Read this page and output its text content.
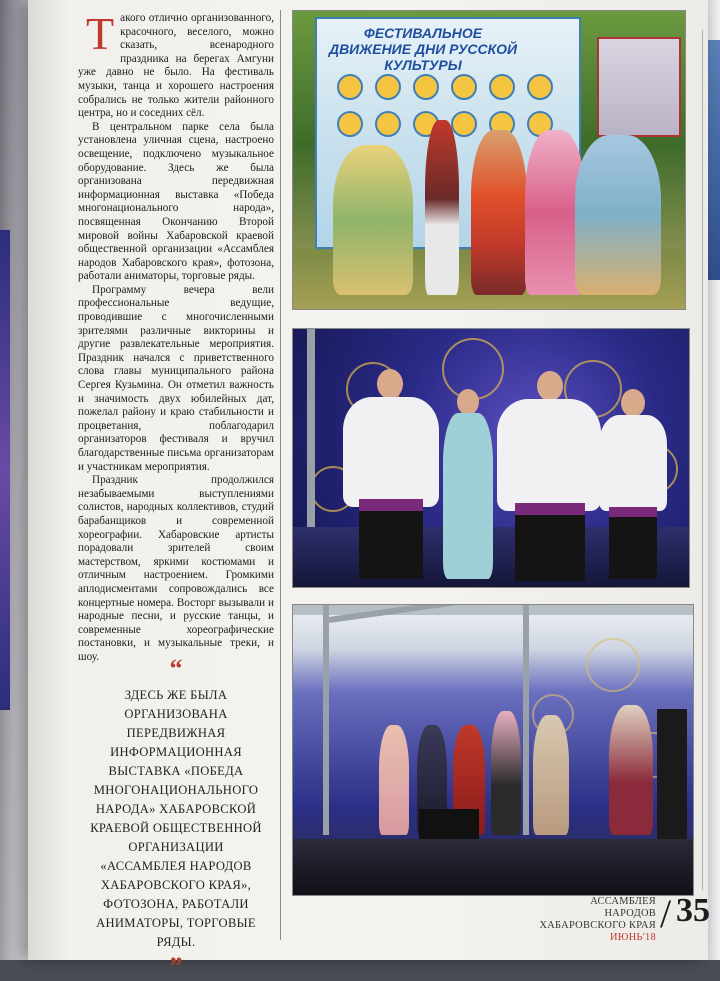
Такого отлично организованного, красочного, веселого, можно сказать, всенародного праздника на берегах Амгуни уже давно не было. На фестиваль музыки, танца и хорошего настроения собрались не только жители районного центра, но и соседних сёл.

В центральном парке села была установлена уличная сцена, настроено освещение, подключено музыкальное оборудование. Здесь же была организована передвижная информационная выставка «Победа многонационального народа», посвященная Окончанию Второй мировой войны Хабаровской краевой общественной организации «Ассамблея народов Хабаровского края», фотозона, работали аниматоры, торговые ряды.

Программу вечера вели профессиональные ведущие, проводившие с многочисленными зрителями различные викторины и другие развлекательные мероприятия. Праздник начался с приветственного слова главы муниципального района Сергея Кузьмина. Он отметил важность и значимость двух юбилейных дат, пожелал району и краю стабильности и процветания, поблагодарил организаторов фестиваля и вручил благодарственные письма организаторам и участникам мероприятия.

Праздник продолжился незабываемыми выступлениями солистов, народных коллективов, студий барабанщиков и современной хореографии. Хабаровские артисты порадовали зрителей своим мастерством, яркими костюмами и отличным настроением. Громкими аплодисментами сопровождались все концертные номера. Восторг вызывали и народные песни, и русские танцы, и современные хореографические постановки, и музыкальные треки, и шоу.	“
ЗДЕСЬ ЖЕ БЫЛА ОРГАНИЗОВАНА ПЕРЕДВИЖНАЯ ИНФОРМАЦИОННАЯ ВЫСТАВКА «ПОБЕДА МНОГОНАЦИОНАЛЬНОГО НАРОДА» ХАБАРОВСКОЙ КРАЕВОЙ ОБЩЕСТВЕННОЙ ОРГАНИЗАЦИИ «АССАМБЛЕЯ НАРОДОВ ХАБАРОВСКОГО КРАЯ», ФОТОЗОНА, РАБОТАЛИ АНИМАТОРЫ, ТОРГОВЫЕ РЯДЫ.
”
ФЕСТИВАЛЬНОЕ ДВИЖЕНИЕ ДНИ РУССКОЙ КУЛЬТУРЫ

АССАМБЛЕЯ НАРОДОВ
ХАБАРОВСКОГО КРАЯ
ИЮНЬ'18
/ 35
